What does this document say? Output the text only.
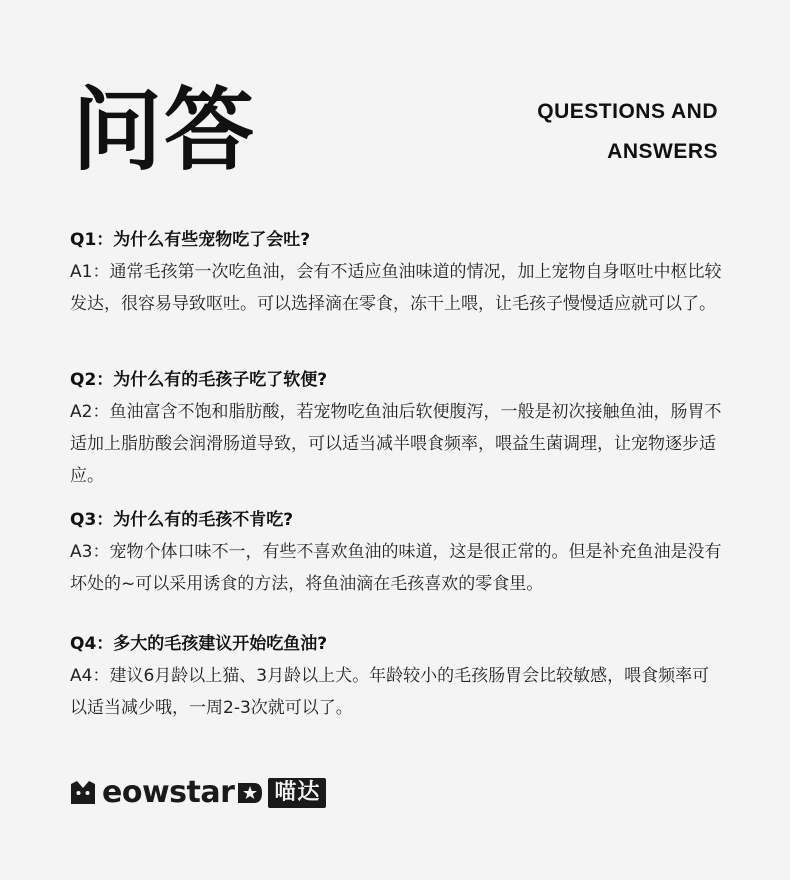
问答	QUESTIONS AND
ANSWERS

Q1：为什么有些宠物吃了会吐?

A1：通常毛孩第一次吃鱼油，会有不适应鱼油味道的情况，加上宠物自身呕吐中枢比较发达，很容易导致呕吐。可以选择滴在零食，冻干上喂，让毛孩子慢慢适应就可以了。

Q2：为什么有的毛孩子吃了软便?

A2：鱼油富含不饱和脂肪酸，若宠物吃鱼油后软便腹泻，一般是初次接触鱼油，肠胃不适加上脂肪酸会润滑肠道导致，可以适当减半喂食频率，喂益生菌调理，让宠物逐步适应。

Q3：为什么有的毛孩不肯吃?

A3：宠物个体口味不一，有些不喜欢鱼油的味道，这是很正常的。但是补充鱼油是没有坏处的~可以采用诱食的方法，将鱼油滴在毛孩喜欢的零食里。

Q4：多大的毛孩建议开始吃鱼油?

A4：建议6月龄以上猫、3月龄以上犬。年龄较小的毛孩肠胃会比较敏感，喂食频率可以适当减少哦，一周2-3次就可以了。

eowstar 喵达
